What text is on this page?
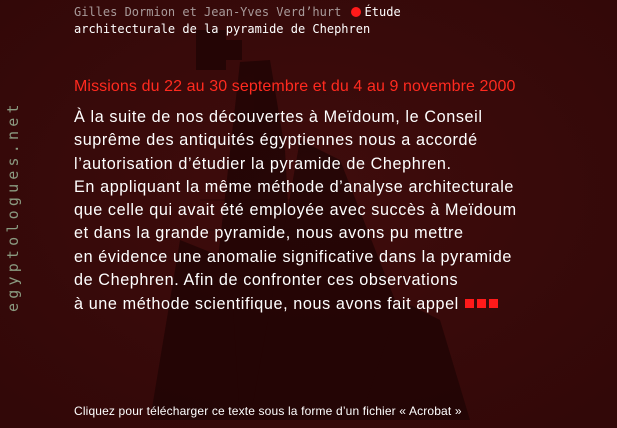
egyptologues.net
Gilles Dormion et Jean-Yves Verd’hurt Étude
architecturale de la pyramide de Chephren
Missions du 22 au 30 septembre et du 4 au 9 novembre 2000
À la suite de nos découvertes à Meïdoum, le Conseil
suprême des antiquités égyptiennes nous a accordé
l’autorisation d’étudier la pyramide de Chephren.
En appliquant la même méthode d’analyse architecturale
que celle qui avait été employée avec succès à Meïdoum
et dans la grande pyramide, nous avons pu mettre
en évidence une anomalie significative dans la pyramide
de Chephren. Afin de confronter ces observations
à une méthode scientifique, nous avons fait appel
Cliquez pour télécharger ce texte sous la forme d’un fichier « Acrobat »
